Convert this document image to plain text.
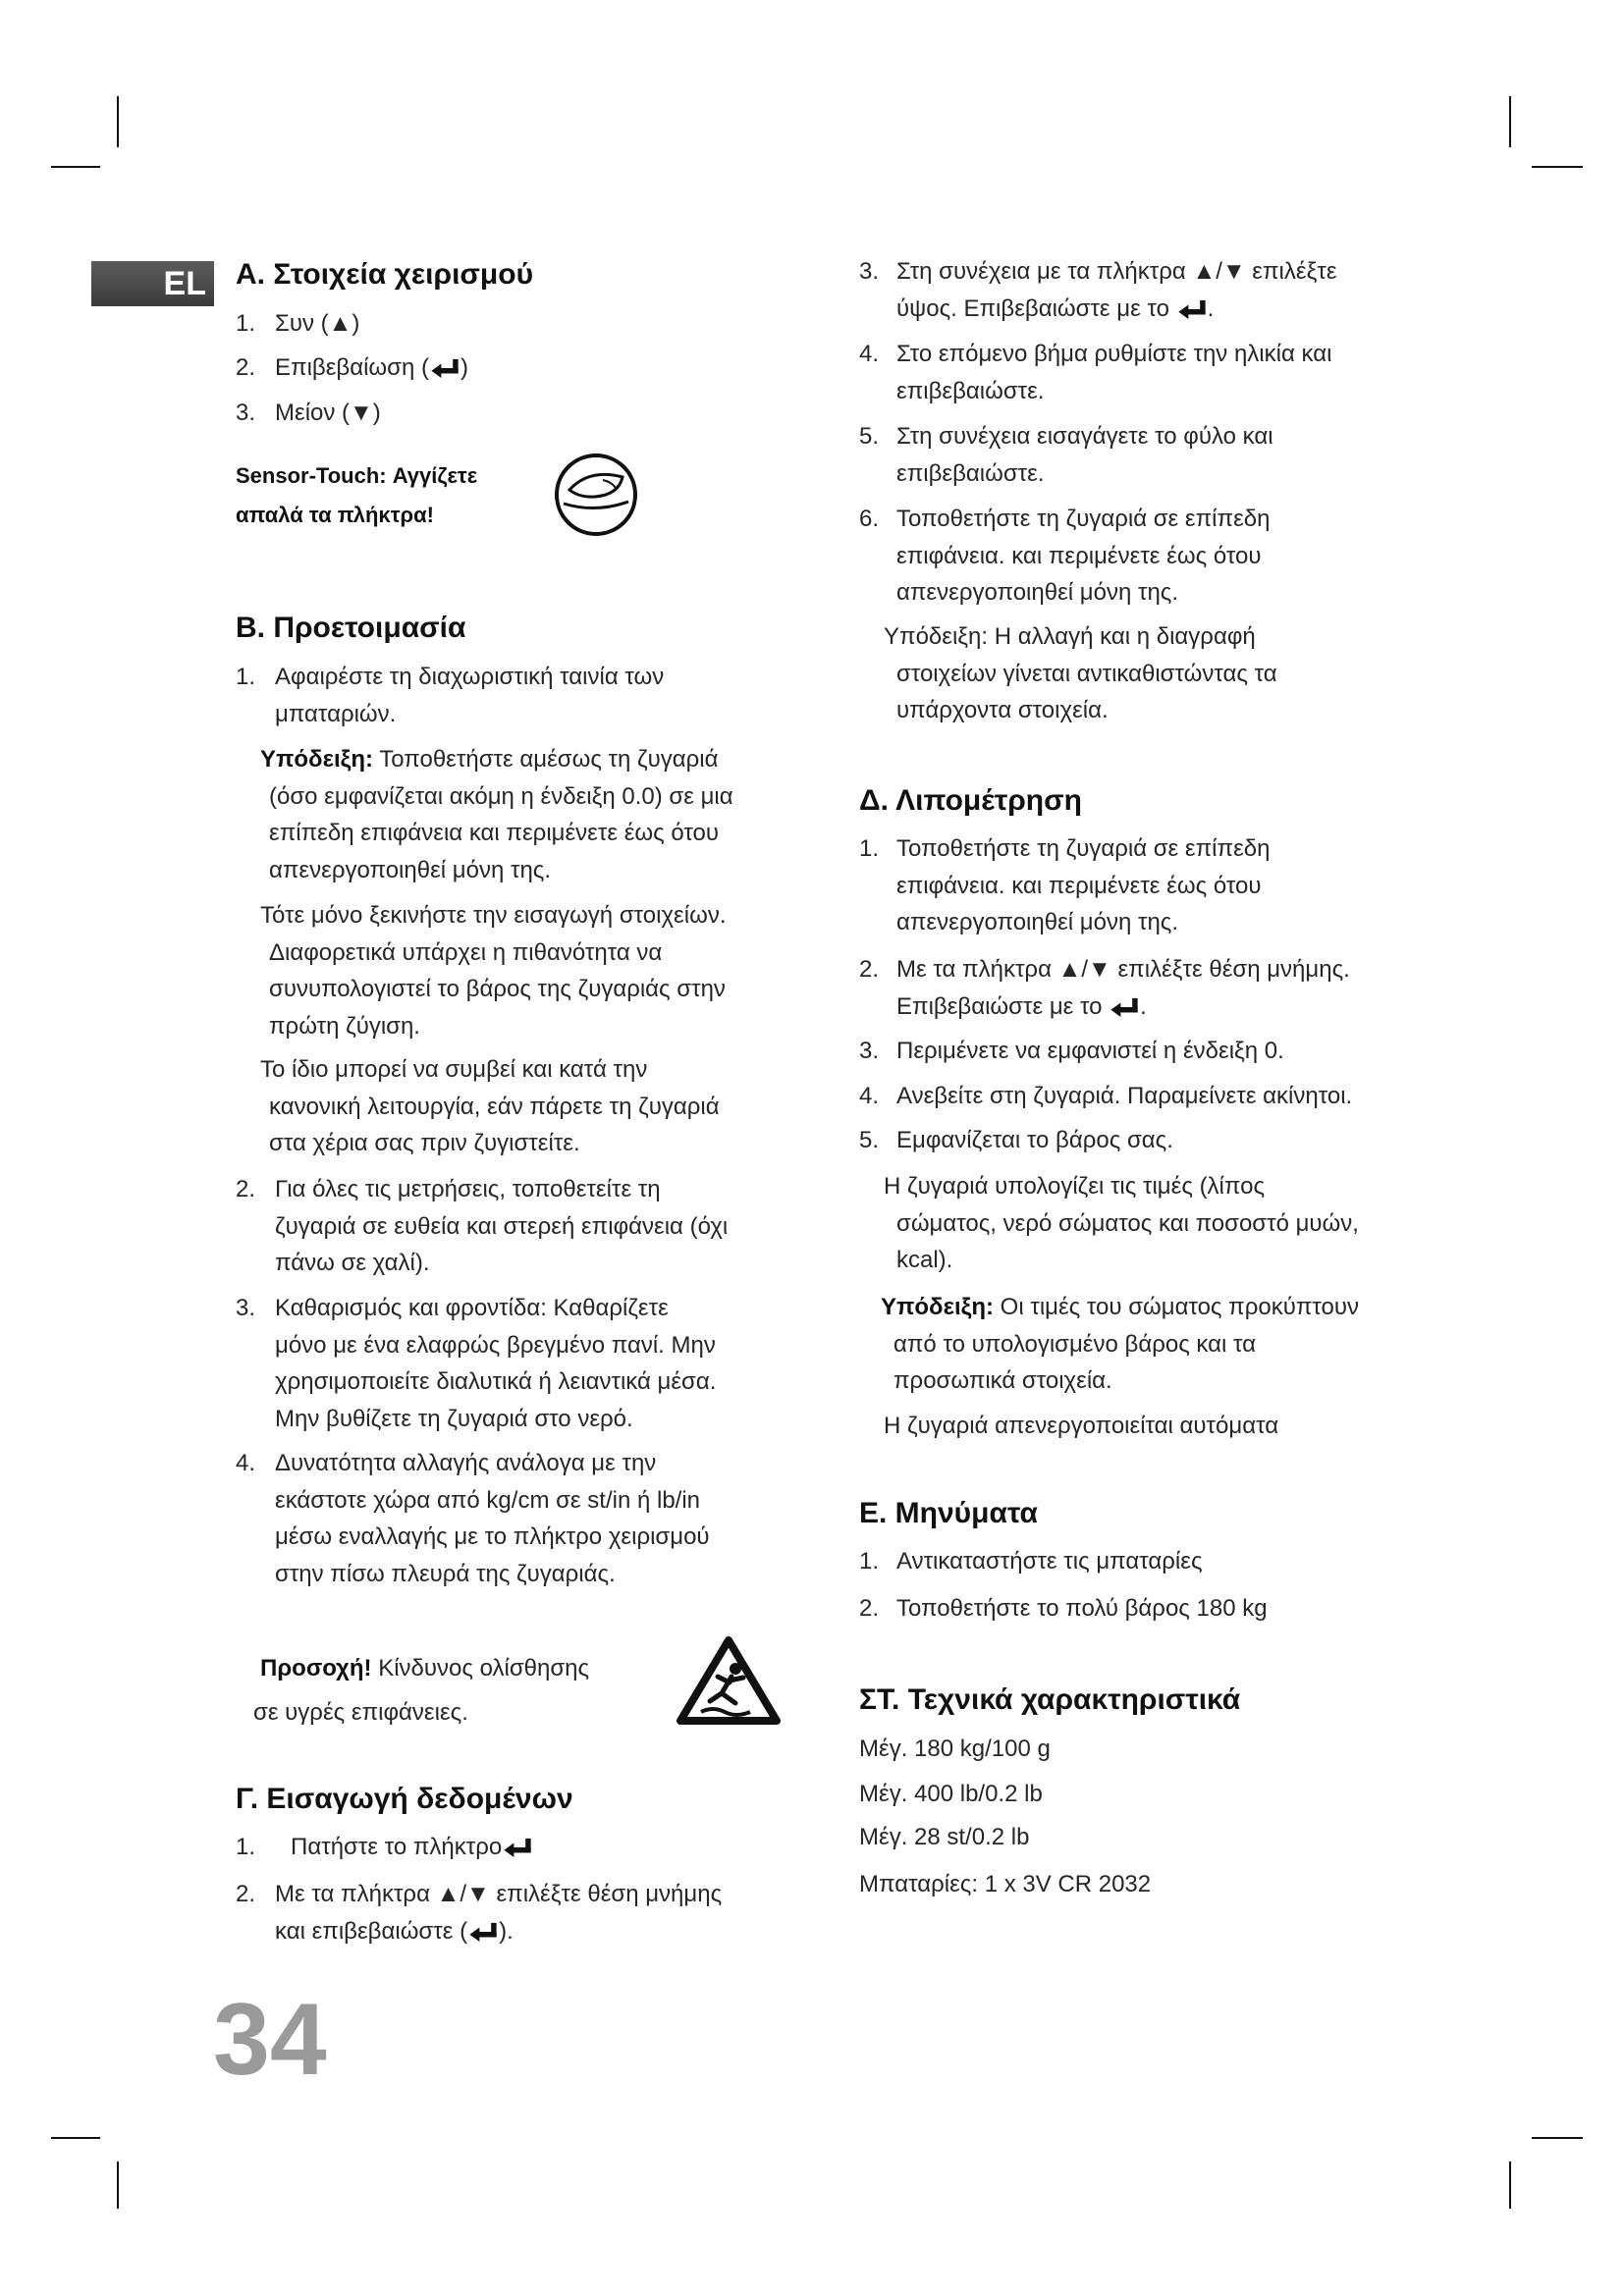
EL Α. Στοιχεία χειρισμού
1. Συν (▲)
2. Επιβεβαίωση ( )
3. Μείον (▼)
Sensor-Touch: Αγγίζετε
απαλά τα πλήκτρα!
Β. Προετοιμασία
1. Αφαιρέστε τη διαχωριστική ταινία των
μπαταριών.
Υπόδειξη: Τοποθετήστε αμέσως τη ζυγαριά
(όσο εμφανίζεται ακόμη η ένδειξη 0.0) σε μια
επίπεδη επιφάνεια και περιμένετε έως ότου
απενεργοποιηθεί μόνη της.
Τότε μόνο ξεκινήστε την εισαγωγή στοιχείων.
Διαφορετικά υπάρχει η πιθανότητα να
συνυπολογιστεί το βάρος της ζυγαριάς στην
πρώτη ζύγιση.
Το ίδιο μπορεί να συμβεί και κατά την
κανονική λειτουργία, εάν πάρετε τη ζυγαριά
στα χέρια σας πριν ζυγιστείτε.
2. Για όλες τις μετρήσεις, τοποθετείτε τη
ζυγαριά σε ευθεία και στερεή επιφάνεια (όχι
πάνω σε χαλί).
3. Καθαρισμός και φροντίδα: Καθαρίζετε
μόνο με ένα ελαφρώς βρεγμένο πανί. Μην
χρησιμοποιείτε διαλυτικά ή λειαντικά μέσα.
Μην βυθίζετε τη ζυγαριά στο νερό.
4. Δυνατότητα αλλαγής ανάλογα με την
εκάστοτε χώρα από kg/cm σε st/in ή lb/in
μέσω εναλλαγής με το πλήκτρο χειρισμού
στην πίσω πλευρά της ζυγαριάς.
Προσοχή! Κίνδυνος ολίσθησης
σε υγρές επιφάνειες.
Γ. Εισαγωγή δεδομένων
1.	Πατήστε το πλήκτρο
2. Με τα πλήκτρα ▲/▼ επιλέξτε θέση μνήμης
και επιβεβαιώστε ( ).
34
3. Στη συνέχεια με τα πλήκτρα ▲/▼ επιλέξτε
ύψος. Επιβεβαιώστε με το .
4. Στο επόμενο βήμα ρυθμίστε την ηλικία και
επιβεβαιώστε.
5. Στη συνέχεια εισαγάγετε το φύλο και
επιβεβαιώστε.
6. Τοποθετήστε τη ζυγαριά σε επίπεδη
επιφάνεια. και περιμένετε έως ότου
απενεργοποιηθεί μόνη της.
Υπόδειξη: Η αλλαγή και η διαγραφή
στοιχείων γίνεται αντικαθιστώντας τα
υπάρχοντα στοιχεία.
Δ. Λιπομέτρηση
1. Τοποθετήστε τη ζυγαριά σε επίπεδη
επιφάνεια. και περιμένετε έως ότου
απενεργοποιηθεί μόνη της.
2. Με τα πλήκτρα ▲/▼ επιλέξτε θέση μνήμης.
Επιβεβαιώστε με το .
3. Περιμένετε να εμφανιστεί η ένδειξη 0.
4. Ανεβείτε στη ζυγαριά. Παραμείνετε ακίνητοι.
5. Εμφανίζεται το βάρος σας.
Η ζυγαριά υπολογίζει τις τιμές (λίπος
σώματος, νερό σώματος και ποσοστό μυών,
kcal).
Υπόδειξη: Οι τιμές του σώματος προκύπτουν
από το υπολογισμένο βάρος και τα
προσωπικά στοιχεία.
Η ζυγαριά απενεργοποιείται αυτόματα
Ε. Μηνύματα
1. Αντικαταστήστε τις μπαταρίες
2. Τοποθετήστε το πολύ βάρος 180 kg
ΣΤ. Τεχνικά χαρακτηριστικά
Μέγ. 180 kg/100 g
Μέγ. 400 lb/0.2 lb
Μέγ. 28 st/0.2 lb
Μπαταρίες: 1 x 3V CR 2032
